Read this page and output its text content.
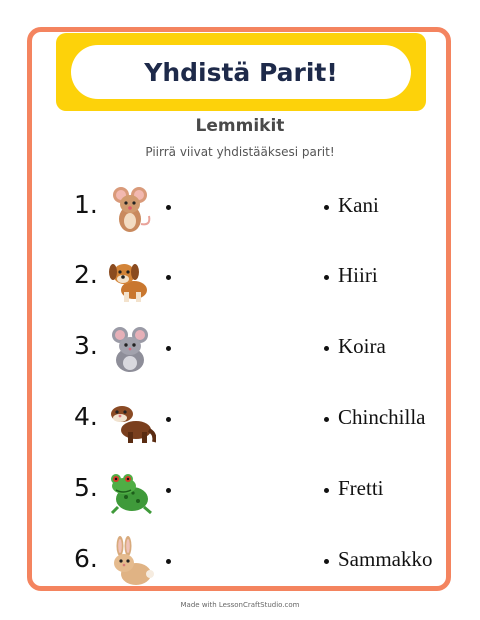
Yhdistä Parit!
Lemmikit
Piirrä viivat yhdistääksesi parit!
1.	Kani
2.	Hiiri
3.	Koira
4.	Chinchilla
5.	Fretti
6.	Sammakko
Made with LessonCraftStudio.com
